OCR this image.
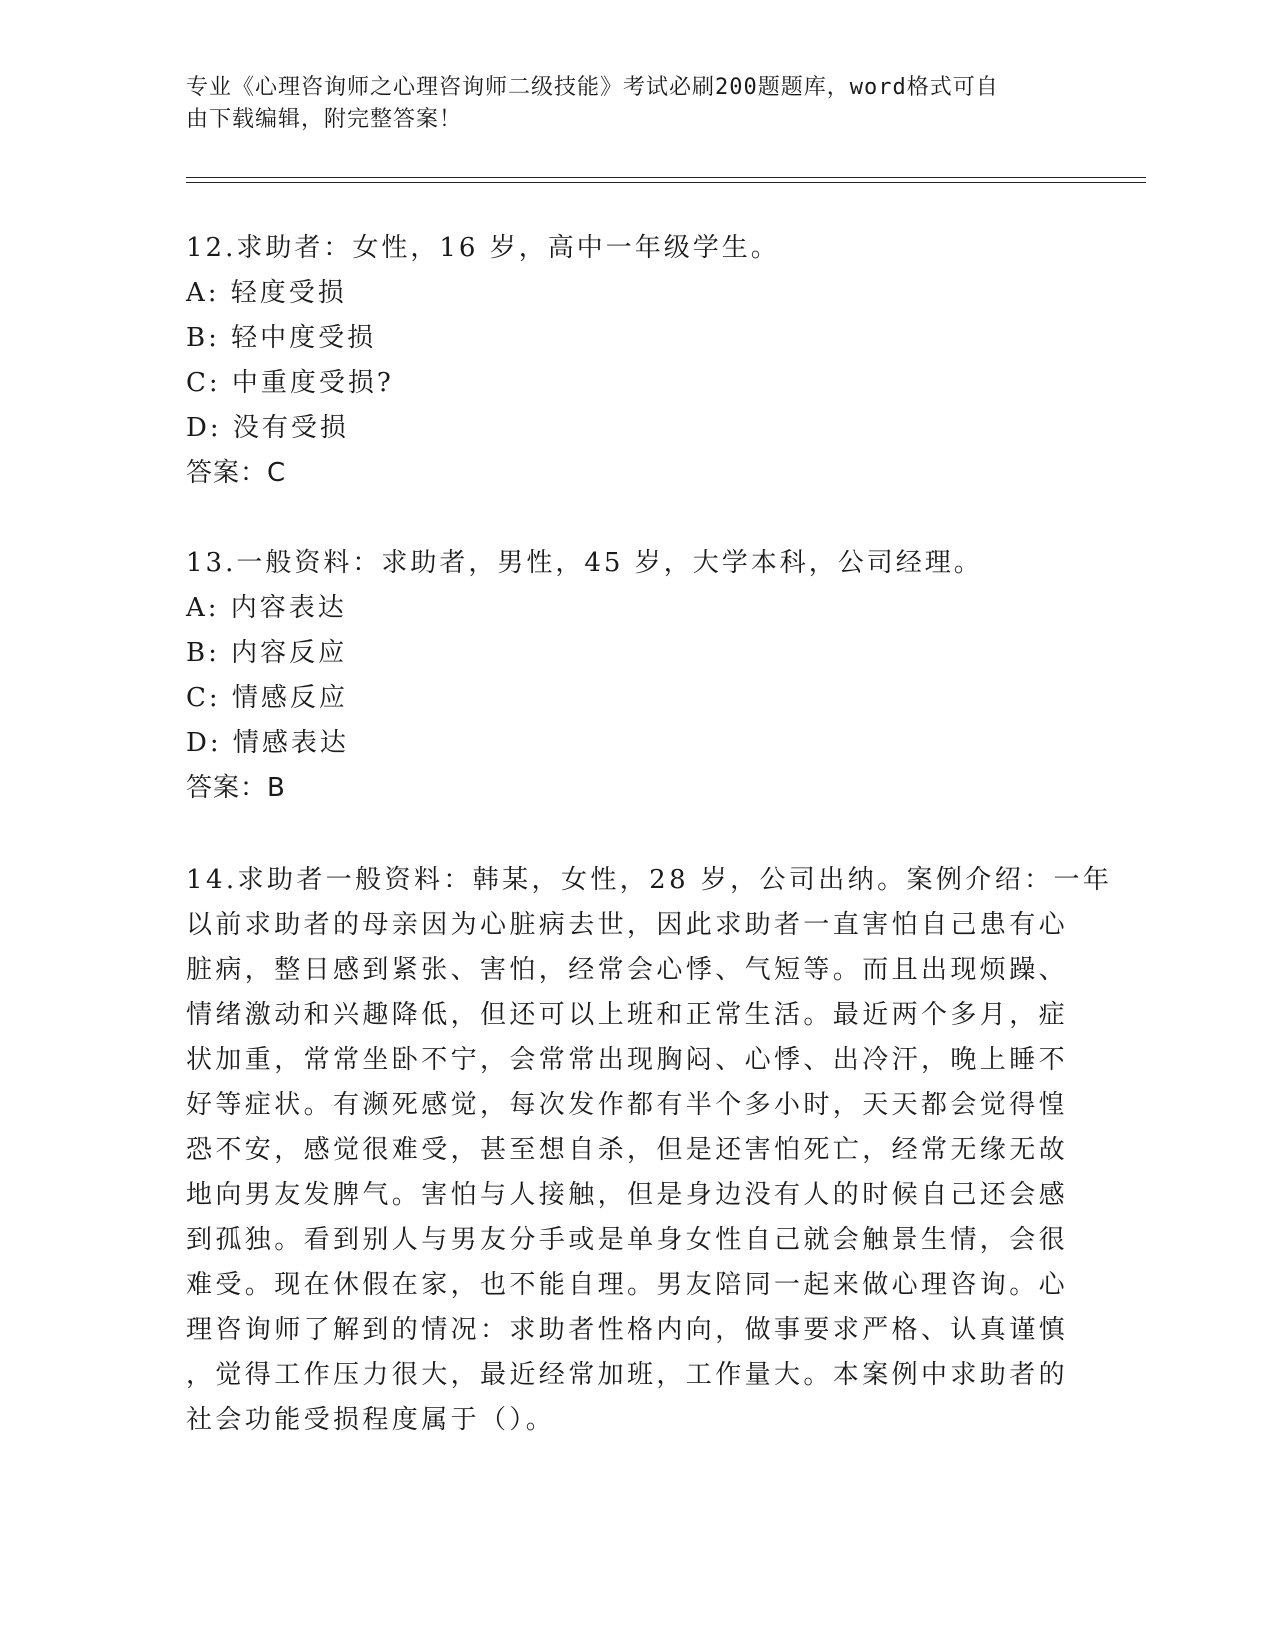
专业《心理咨询师之心理咨询师二级技能》考试必刷200题题库，word格式可自
由下载编辑，附完整答案！
12.求助者：女性，16 岁，高中一年级学生。
A: 轻度受损
B: 轻中度受损
C: 中重度受损?
D: 没有受损
答案：C
13.一般资料：求助者，男性，45 岁，大学本科，公司经理。
A: 内容表达
B: 内容反应
C: 情感反应
D: 情感表达
答案：B
14.求助者一般资料：韩某，女性，28 岁，公司出纳。案例介绍：一年
以前求助者的母亲因为心脏病去世，因此求助者一直害怕自己患有心
脏病，整日感到紧张、害怕，经常会心悸、气短等。而且出现烦躁、
情绪激动和兴趣降低，但还可以上班和正常生活。最近两个多月，症
状加重，常常坐卧不宁，会常常出现胸闷、心悸、出冷汗，晚上睡不
好等症状。有濒死感觉，每次发作都有半个多小时，天天都会觉得惶
恐不安，感觉很难受，甚至想自杀，但是还害怕死亡，经常无缘无故
地向男友发脾气。害怕与人接触，但是身边没有人的时候自己还会感
到孤独。看到别人与男友分手或是单身女性自己就会触景生情，会很
难受。现在休假在家，也不能自理。男友陪同一起来做心理咨询。心
理咨询师了解到的情况：求助者性格内向，做事要求严格、认真谨慎
，觉得工作压力很大，最近经常加班，工作量大。本案例中求助者的
社会功能受损程度属于（）。
